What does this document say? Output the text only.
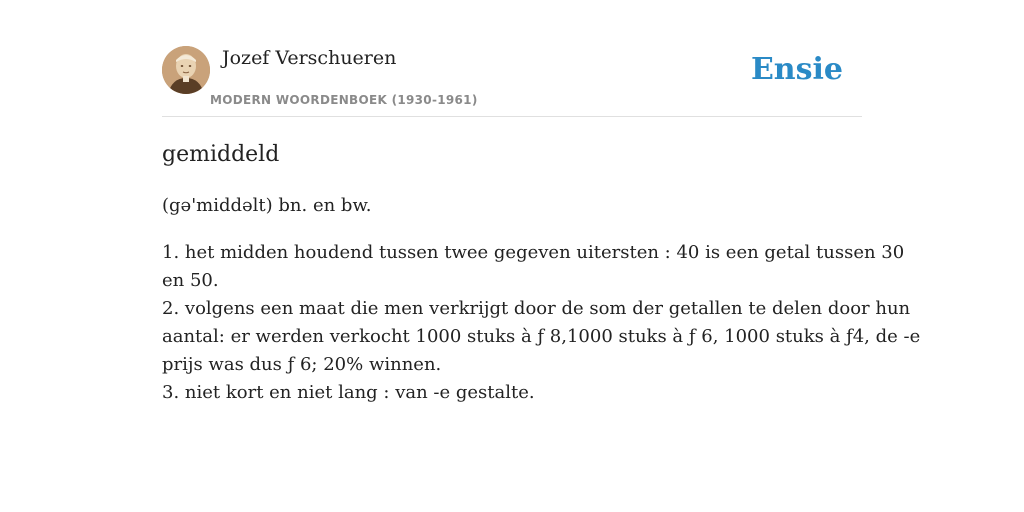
Jozef Verschueren
MODERN WOORDENBOEK (1930-1961)
Ensie
gemiddeld
(gə'middəlt) bn. en bw.
1. het midden houdend tussen twee gegeven uitersten : 40 is een getal tussen 30
en 50.
2. volgens een maat die men verkrijgt door de som der getallen te delen door hun
aantal: er werden verkocht 1000 stuks à ƒ 8,1000 stuks à ƒ 6, 1000 stuks à ƒ4, de -e
prijs was dus ƒ 6; 20% winnen.
3. niet kort en niet lang : van -e gestalte.
